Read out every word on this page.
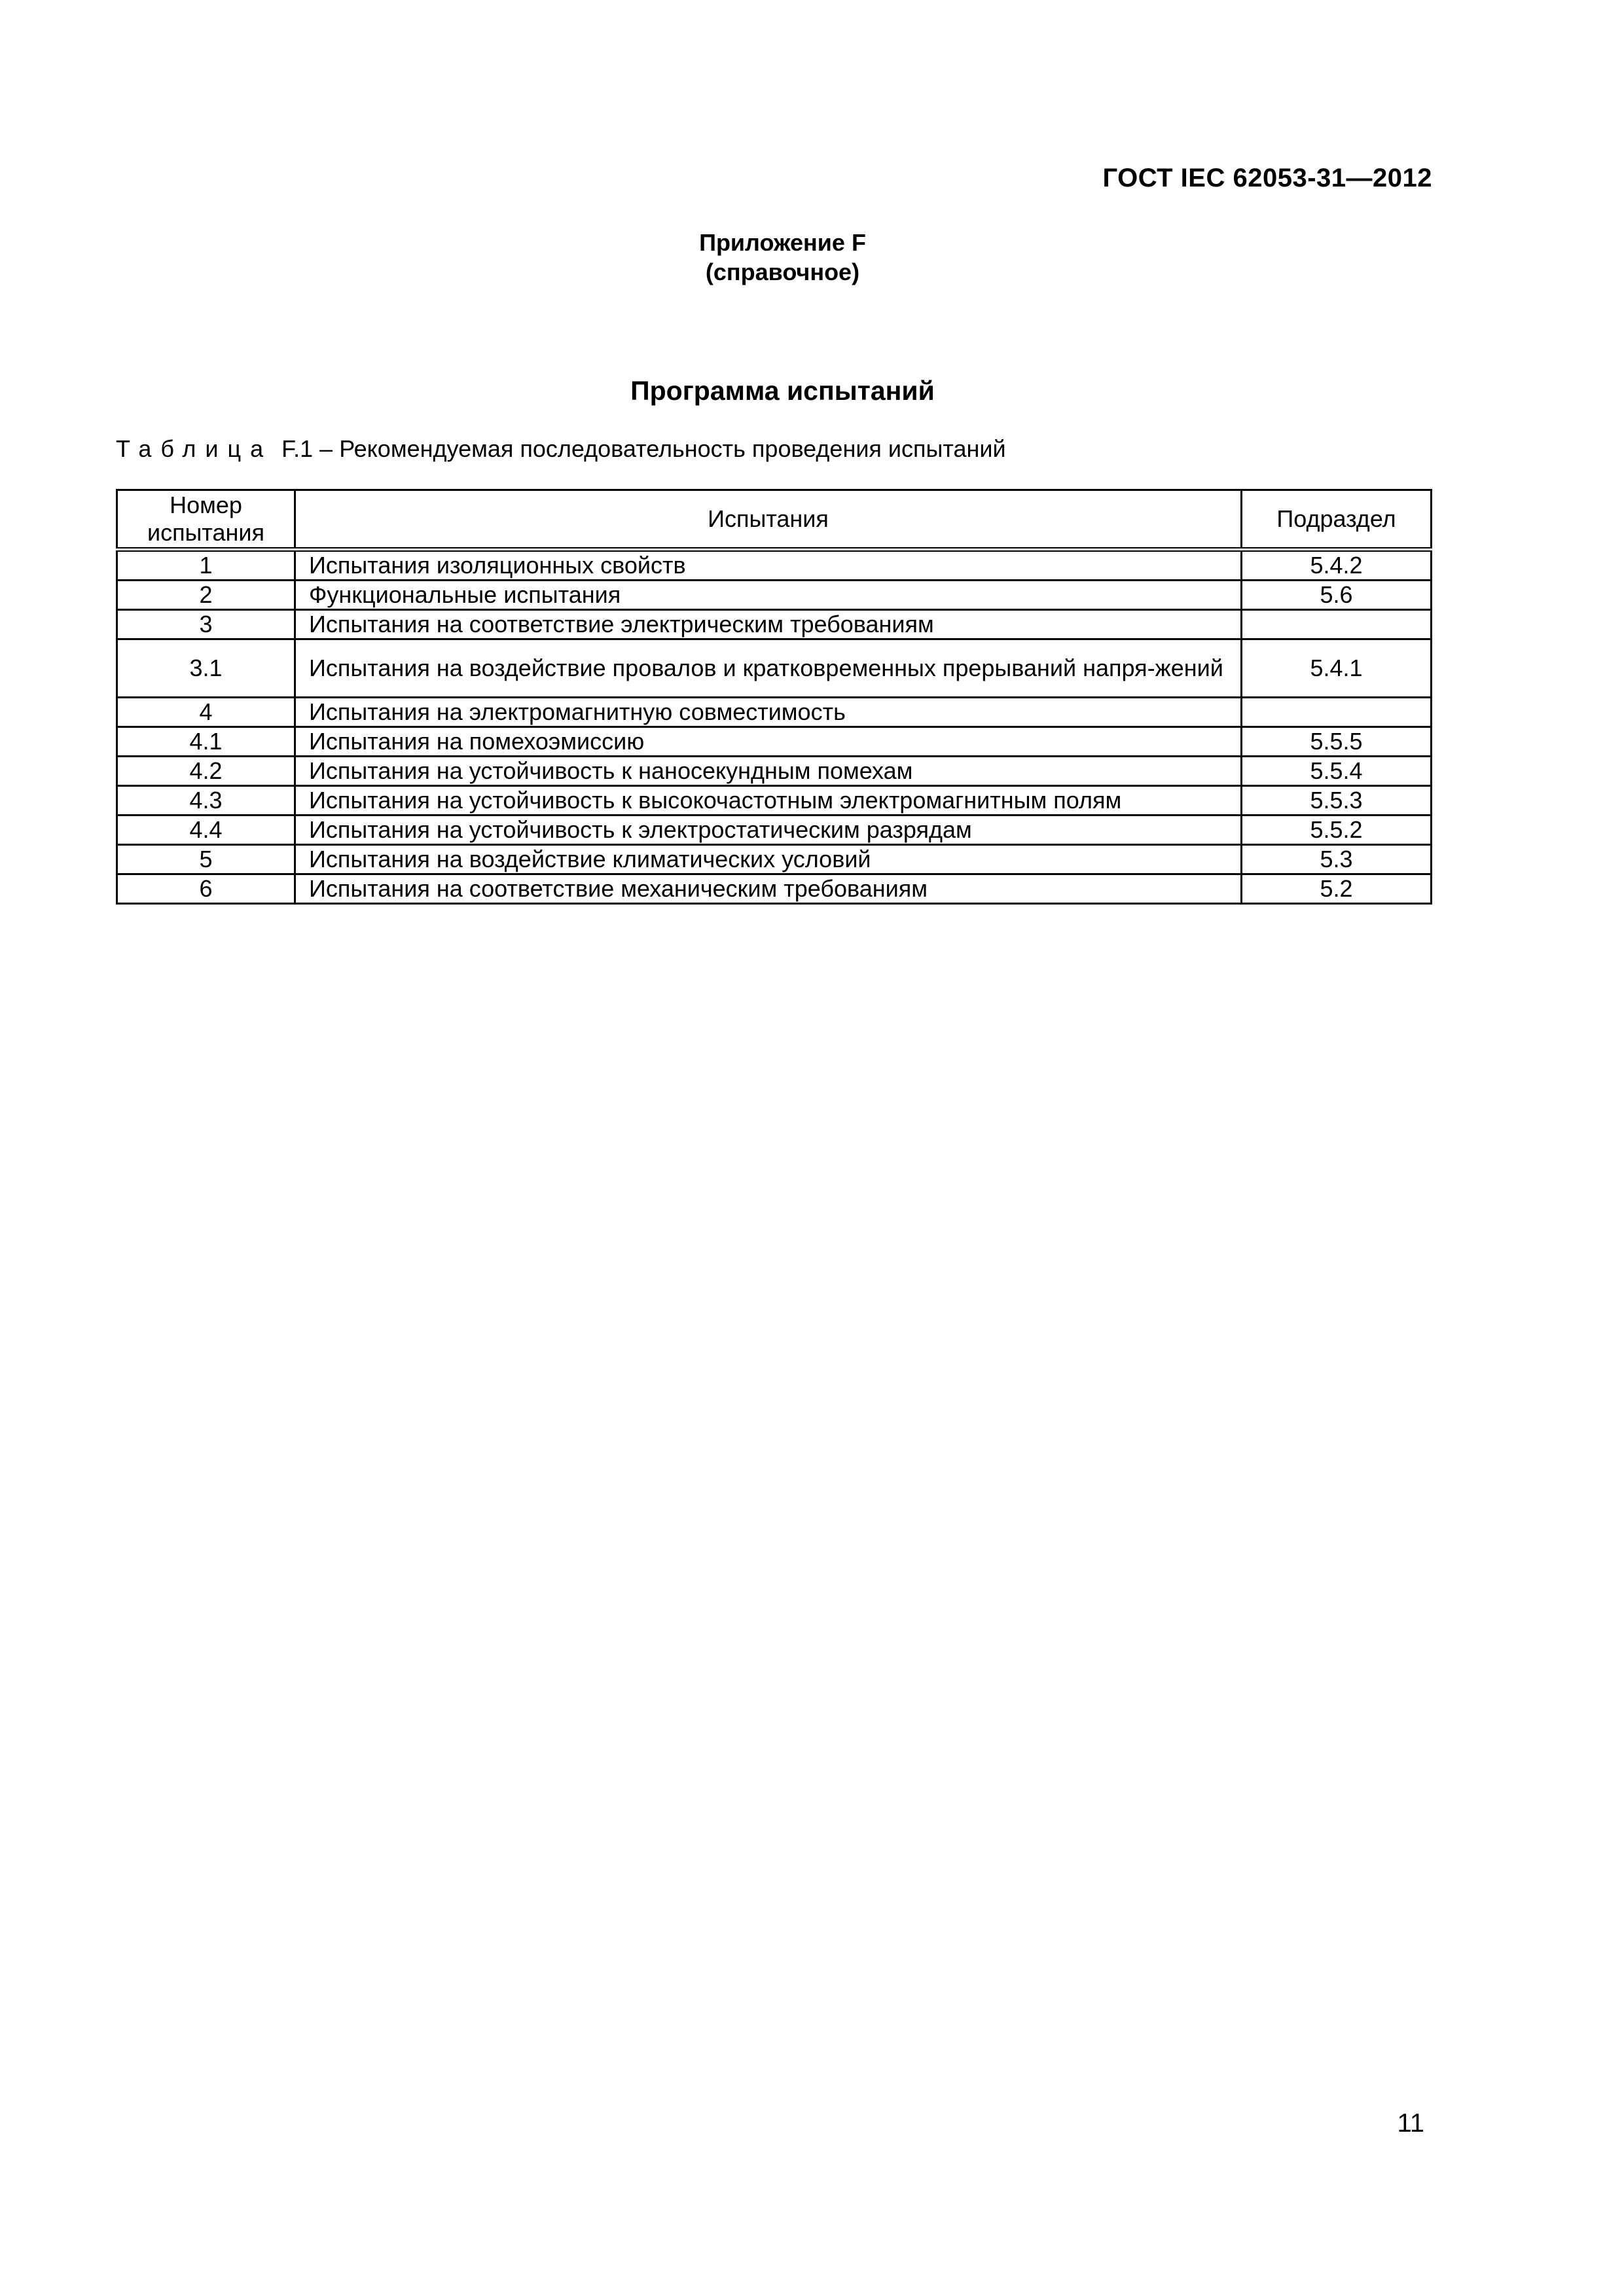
ГОСТ IEC 62053-31—2012
Приложение F
(справочное)
Программа испытаний
Таблица F.1 – Рекомендуемая последовательность проведения испытаний
Номер испытания	Испытания	Подраздел
1	Испытания изоляционных свойств	5.4.2
2	Функциональные испытания	5.6
3	Испытания на соответствие электрическим требованиям	
3.1	Испытания на воздействие провалов и кратковременных прерываний напря-жений	5.4.1
4	Испытания на электромагнитную совместимость	
4.1	Испытания на помехоэмиссию	5.5.5
4.2	Испытания на устойчивость к наносекундным помехам	5.5.4
4.3	Испытания на устойчивость к высокочастотным электромагнитным полям	5.5.3
4.4	Испытания на устойчивость к электростатическим разрядам	5.5.2
5	Испытания на воздействие климатических условий	5.3
6	Испытания на соответствие механическим требованиям	5.2
11
